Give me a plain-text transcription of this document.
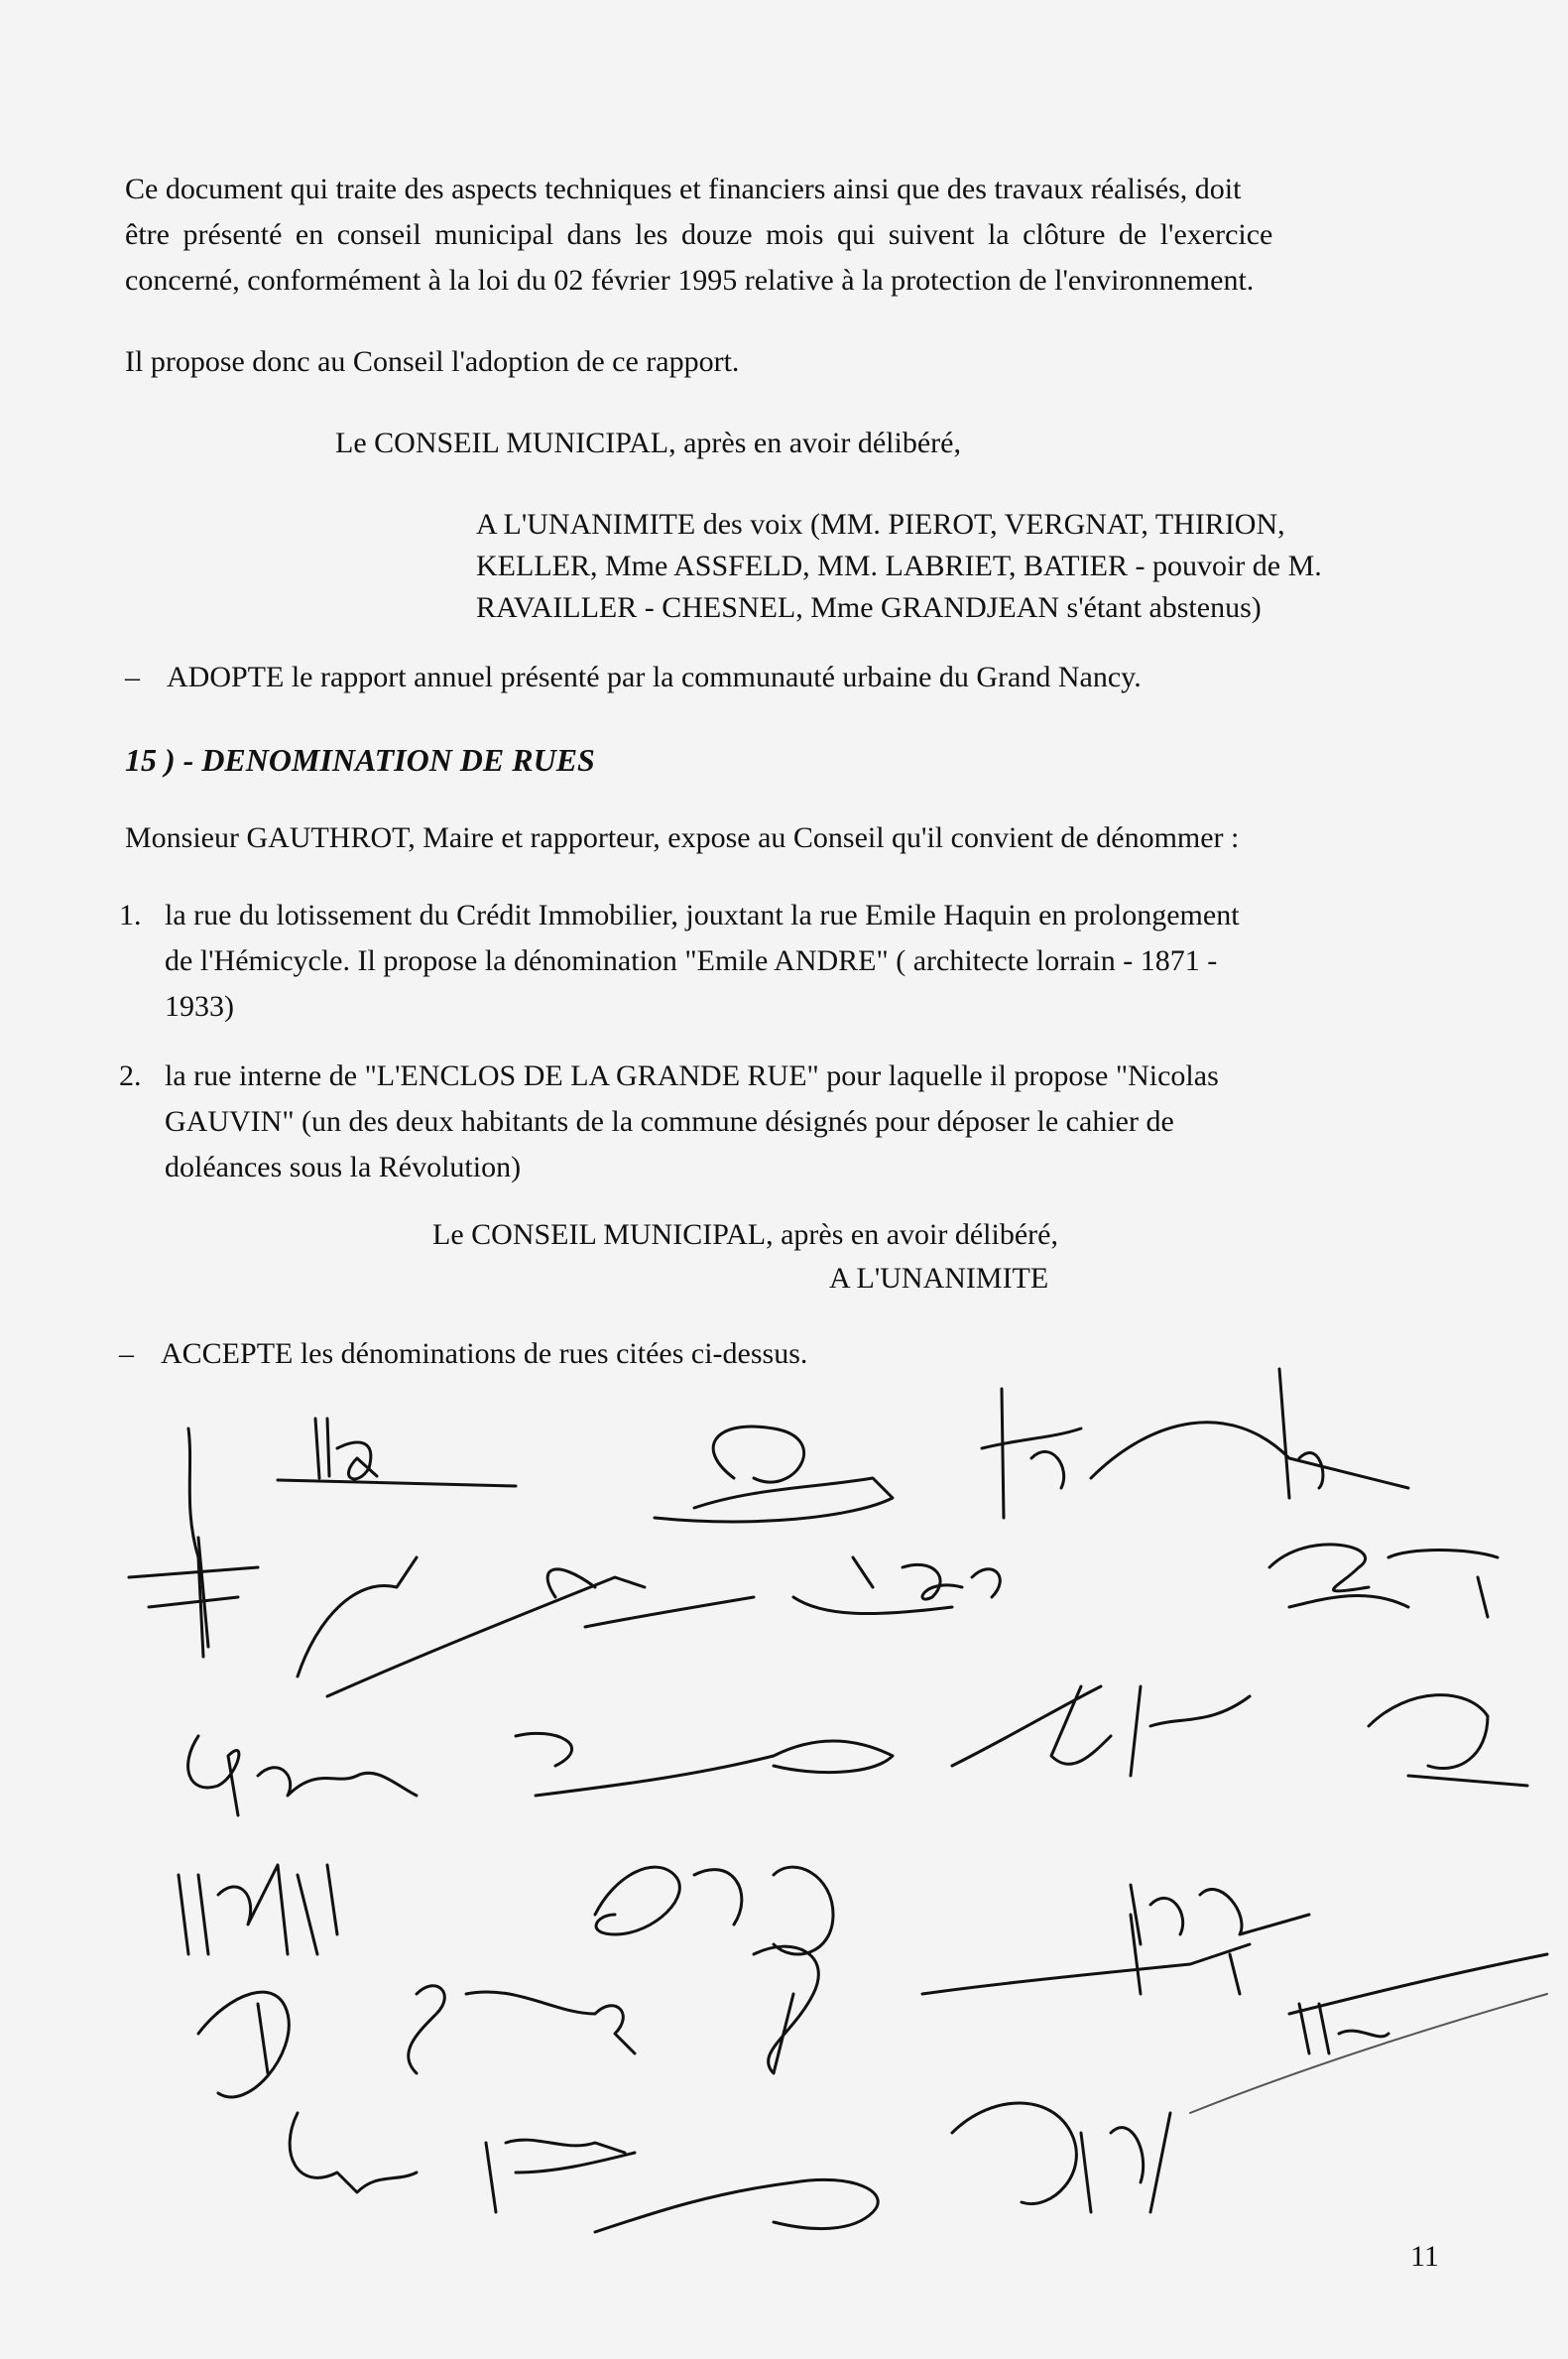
Ce document qui traite des aspects techniques et financiers ainsi que des travaux réalisés, doit
être présenté en conseil municipal dans les douze mois qui suivent la clôture de l'exercice
concerné, conformément à la loi du 02 février 1995 relative à la protection de l'environnement.
Il propose donc au Conseil l'adoption de ce rapport.
Le CONSEIL MUNICIPAL, après en avoir délibéré,
A L'UNANIMITE des voix (MM. PIEROT, VERGNAT, THIRION,
KELLER, Mme ASSFELD, MM. LABRIET, BATIER - pouvoir de M.
RAVAILLER - CHESNEL, Mme GRANDJEAN s'étant abstenus)
– ADOPTE le rapport annuel présenté par la communauté urbaine du Grand Nancy.
15 ) - DENOMINATION DE RUES
Monsieur GAUTHROT, Maire et rapporteur, expose au Conseil qu'il convient de dénommer :
1. la rue du lotissement du Crédit Immobilier, jouxtant la rue Emile Haquin en prolongement
de l'Hémicycle. Il propose la dénomination "Emile ANDRE" ( architecte lorrain - 1871 -
1933)
2. la rue interne de "L'ENCLOS DE LA GRANDE RUE" pour laquelle il propose "Nicolas
GAUVIN" (un des deux habitants de la commune désignés pour déposer le cahier de
doléances sous la Révolution)
Le CONSEIL MUNICIPAL, après en avoir délibéré,
A L'UNANIMITE
– ACCEPTE les dénominations de rues citées ci-dessus.
11
